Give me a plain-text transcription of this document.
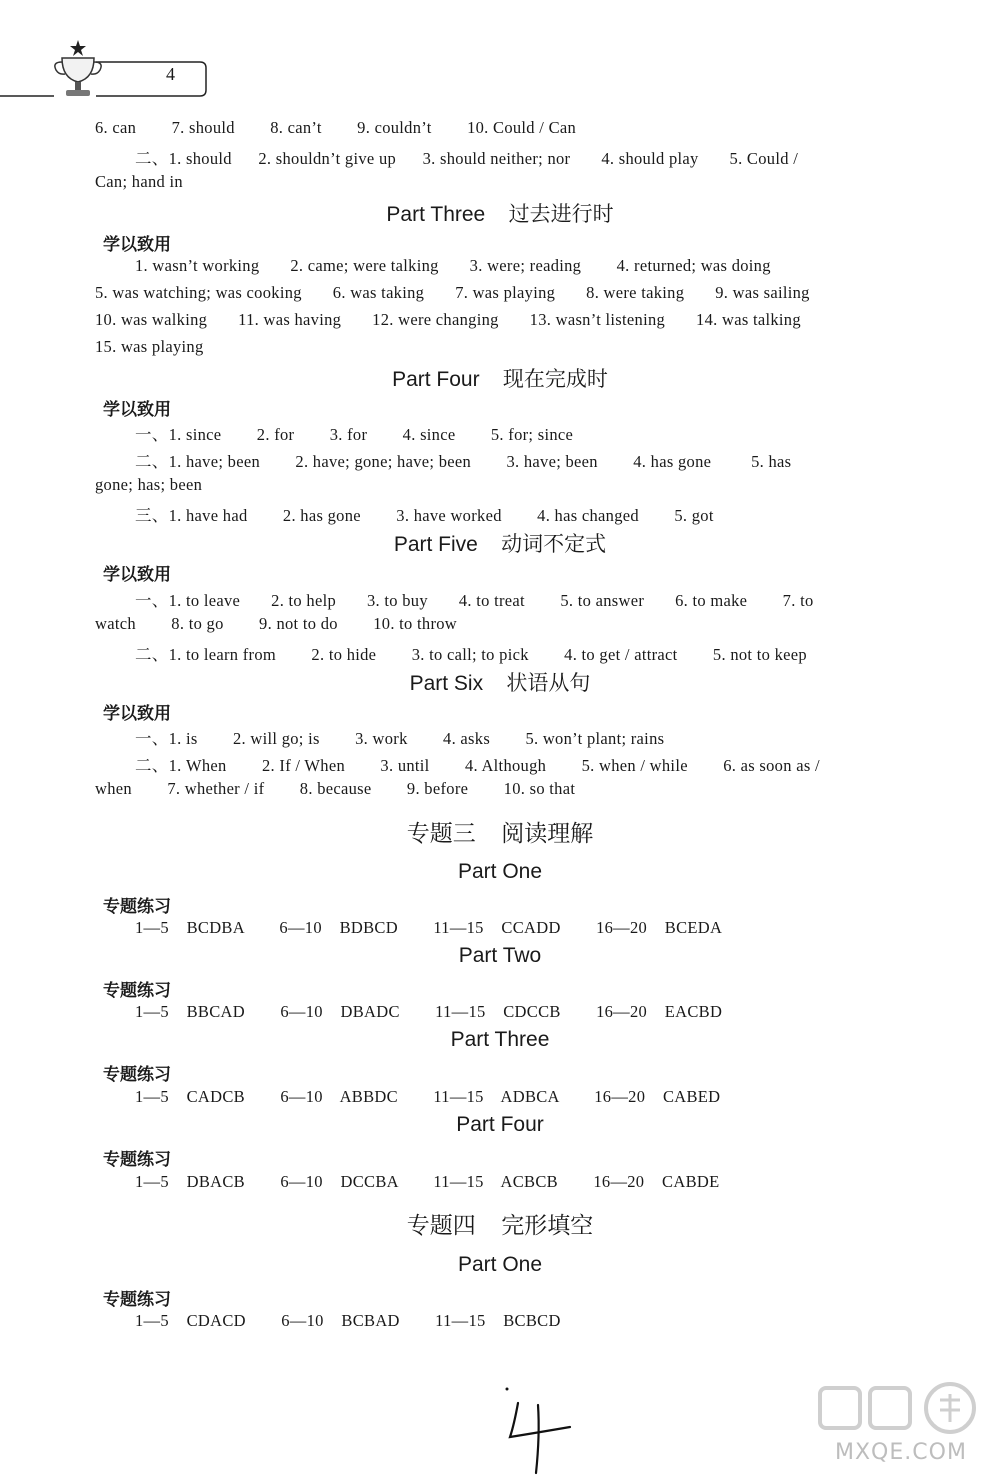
4
6. can        7. should        8. can’t        9. couldn’t        10. Could / Can
二、1. should      2. shouldn’t give up      3. should neither; nor       4. should play       5. Could /
Can; hand in
Part Three    过去进行时
学以致用
1. wasn’t working       2. came; were talking       3. were; reading        4. returned; was doing
5. was watching; was cooking       6. was taking       7. was playing       8. were taking       9. was sailing
10. was walking       11. was having       12. were changing       13. wasn’t listening       14. was talking
15. was playing
Part Four    现在完成时
学以致用
一、1. since        2. for        3. for        4. since        5. for; since
二、1. have; been        2. have; gone; have; been        3. have; been        4. has gone         5. has
gone; has; been
三、1. have had        2. has gone        3. have worked        4. has changed        5. got
Part Five    动词不定式
学以致用
一、1. to leave       2. to help       3. to buy       4. to treat        5. to answer       6. to make        7. to
watch        8. to go        9. not to do        10. to throw
二、1. to learn from        2. to hide        3. to call; to pick        4. to get / attract        5. not to keep
Part Six    状语从句
学以致用
一、1. is        2. will go; is        3. work        4. asks        5. won’t plant; rains
二、1. When        2. If / When        3. until        4. Although        5. when / while        6. as soon as /
when        7. whether / if        8. because        9. before        10. so that
专题三    阅读理解
Part One
专题练习
1—5    BCDBA        6—10    BDBCD        11—15    CCADD        16—20    BCEDA
Part Two
专题练习
1—5    BBCAD        6—10    DBADC        11—15    CDCCB        16—20    EACBD
Part Three
专题练习
1—5    CADCB        6—10    ABBDC        11—15    ADBCA        16—20    CABED
Part Four
专题练习
1—5    DBACB        6—10    DCCBA        11—15    ACBCB        16—20    CABDE
专题四    完形填空
Part One
专题练习
1—5    CDACD        6—10    BCBAD        11—15    BCBCD
MXQE.COM
